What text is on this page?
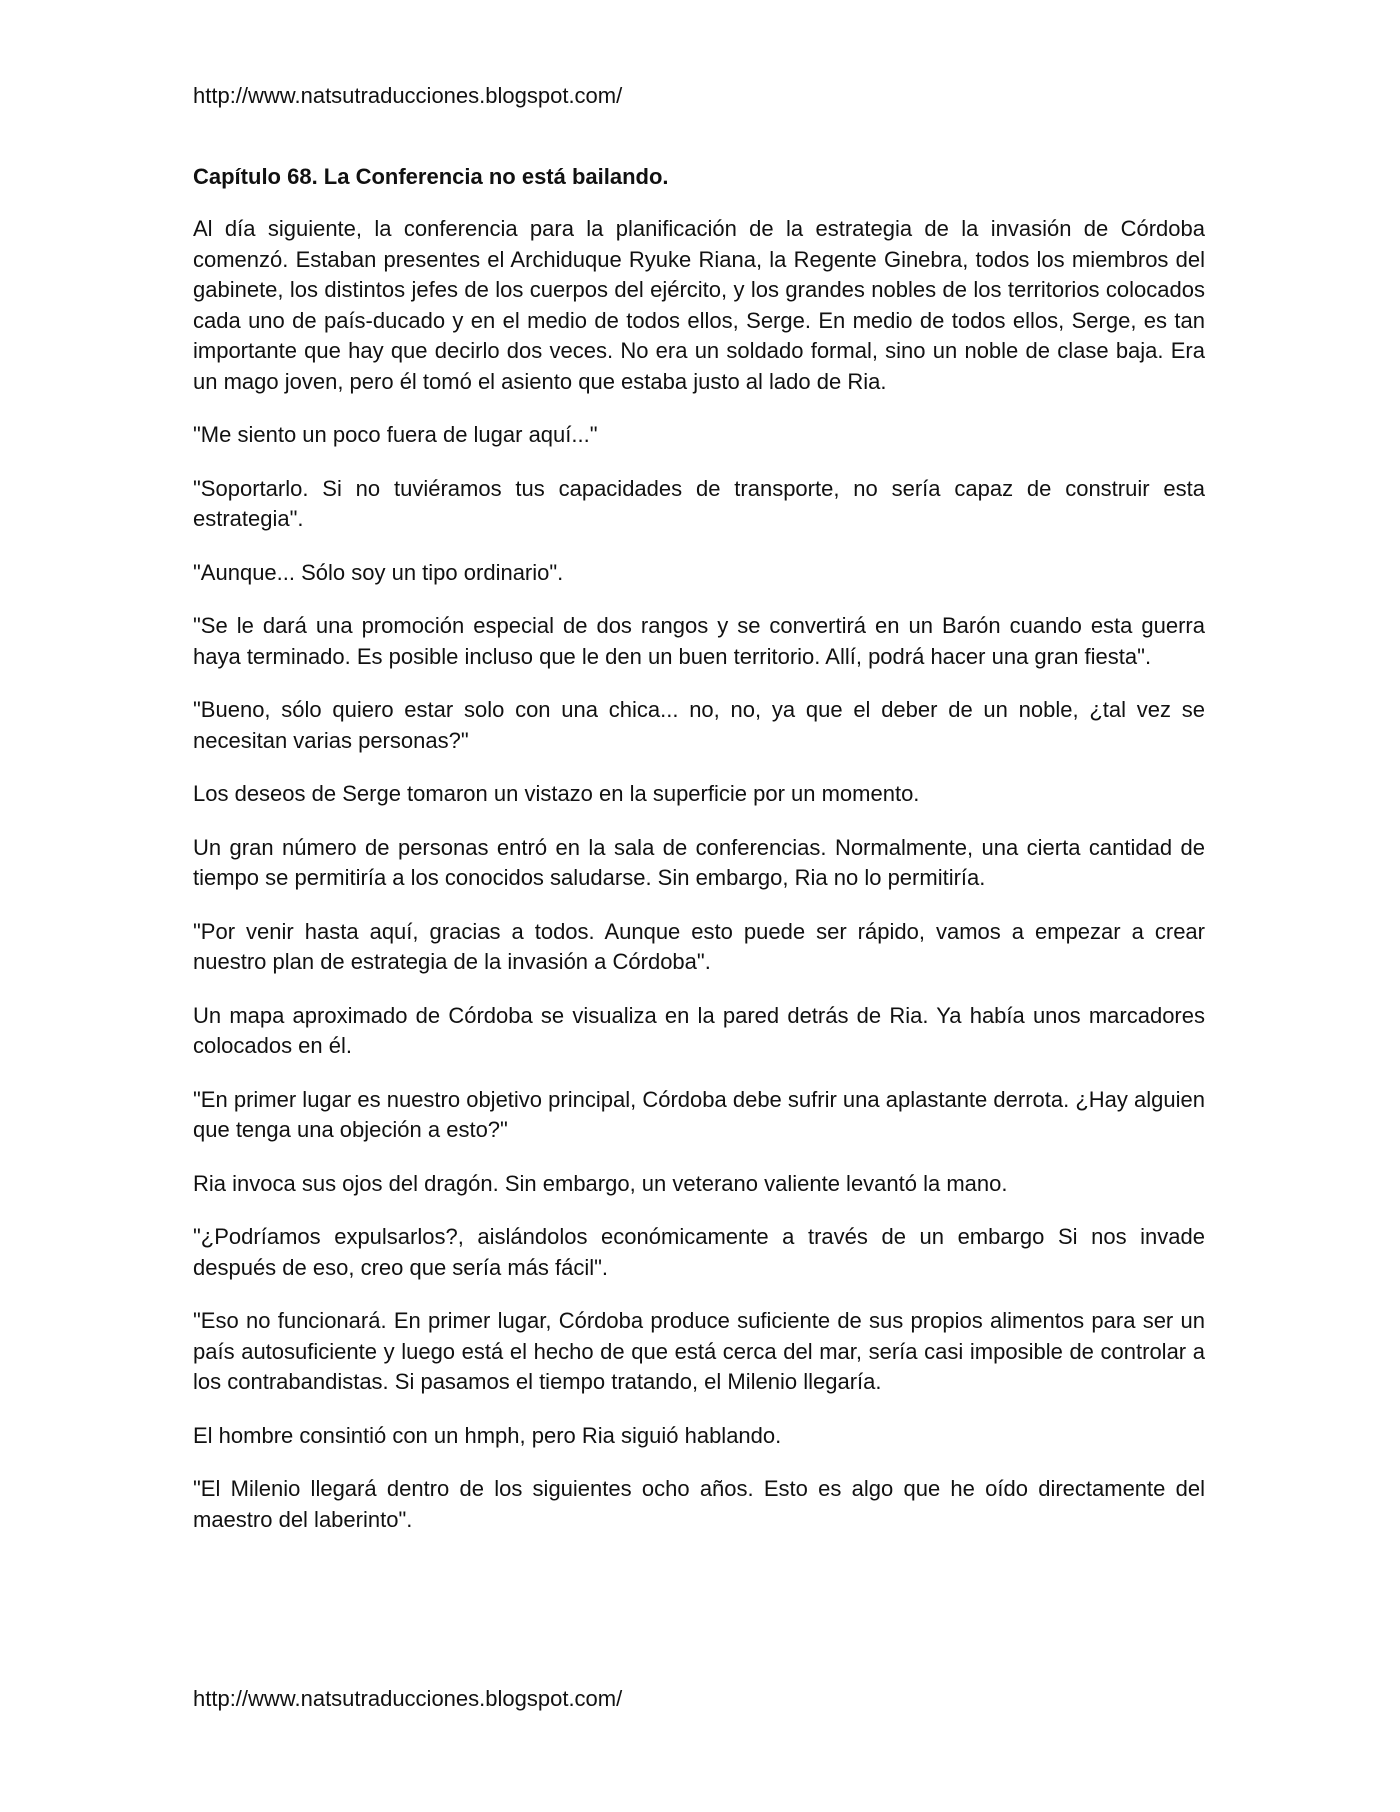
http://www.natsutraducciones.blogspot.com/
Capítulo 68. La Conferencia no está bailando.

Al día siguiente, la conferencia para la planificación de la estrategia de la invasión de Córdoba comenzó. Estaban presentes el Archiduque Ryuke Riana, la Regente Ginebra, todos los miembros del gabinete, los distintos jefes de los cuerpos del ejército, y los grandes nobles de los territorios colocados cada uno de país-ducado y en el medio de todos ellos, Serge. En medio de todos ellos, Serge, es tan importante que hay que decirlo dos veces. No era un soldado formal, sino un noble de clase baja. Era un mago joven, pero él tomó el asiento que estaba justo al lado de Ria.

"Me siento un poco fuera de lugar aquí..."

"Soportarlo. Si no tuviéramos tus capacidades de transporte, no sería capaz de construir esta estrategia".

"Aunque... Sólo soy un tipo ordinario".

"Se le dará una promoción especial de dos rangos y se convertirá en un Barón cuando esta guerra haya terminado. Es posible incluso que le den un buen territorio. Allí, podrá hacer una gran fiesta".

"Bueno, sólo quiero estar solo con una chica... no, no, ya que el deber de un noble, ¿tal vez se necesitan varias personas?"

Los deseos de Serge tomaron un vistazo en la superficie por un momento.

Un gran número de personas entró en la sala de conferencias. Normalmente, una cierta cantidad de tiempo se permitiría a los conocidos saludarse. Sin embargo, Ria no lo permitiría.

"Por venir hasta aquí, gracias a todos. Aunque esto puede ser rápido, vamos a empezar a crear nuestro plan de estrategia de la invasión a Córdoba".

Un mapa aproximado de Córdoba se visualiza en la pared detrás de Ria. Ya había unos marcadores colocados en él.

"En primer lugar es nuestro objetivo principal, Córdoba debe sufrir una aplastante derrota. ¿Hay alguien que tenga una objeción a esto?"

Ria invoca sus ojos del dragón. Sin embargo, un veterano valiente levantó la mano.

"¿Podríamos expulsarlos?, aislándolos económicamente a través de un embargo Si nos invade después de eso, creo que sería más fácil".

"Eso no funcionará. En primer lugar, Córdoba produce suficiente de sus propios alimentos para ser un país autosuficiente y luego está el hecho de que está cerca del mar, sería casi imposible de controlar a los contrabandistas. Si pasamos el tiempo tratando, el Milenio llegaría.

El hombre consintió con un hmph, pero Ria siguió hablando.

"El Milenio llegará dentro de los siguientes ocho años. Esto es algo que he oído directamente del maestro del laberinto".

http://www.natsutraducciones.blogspot.com/
